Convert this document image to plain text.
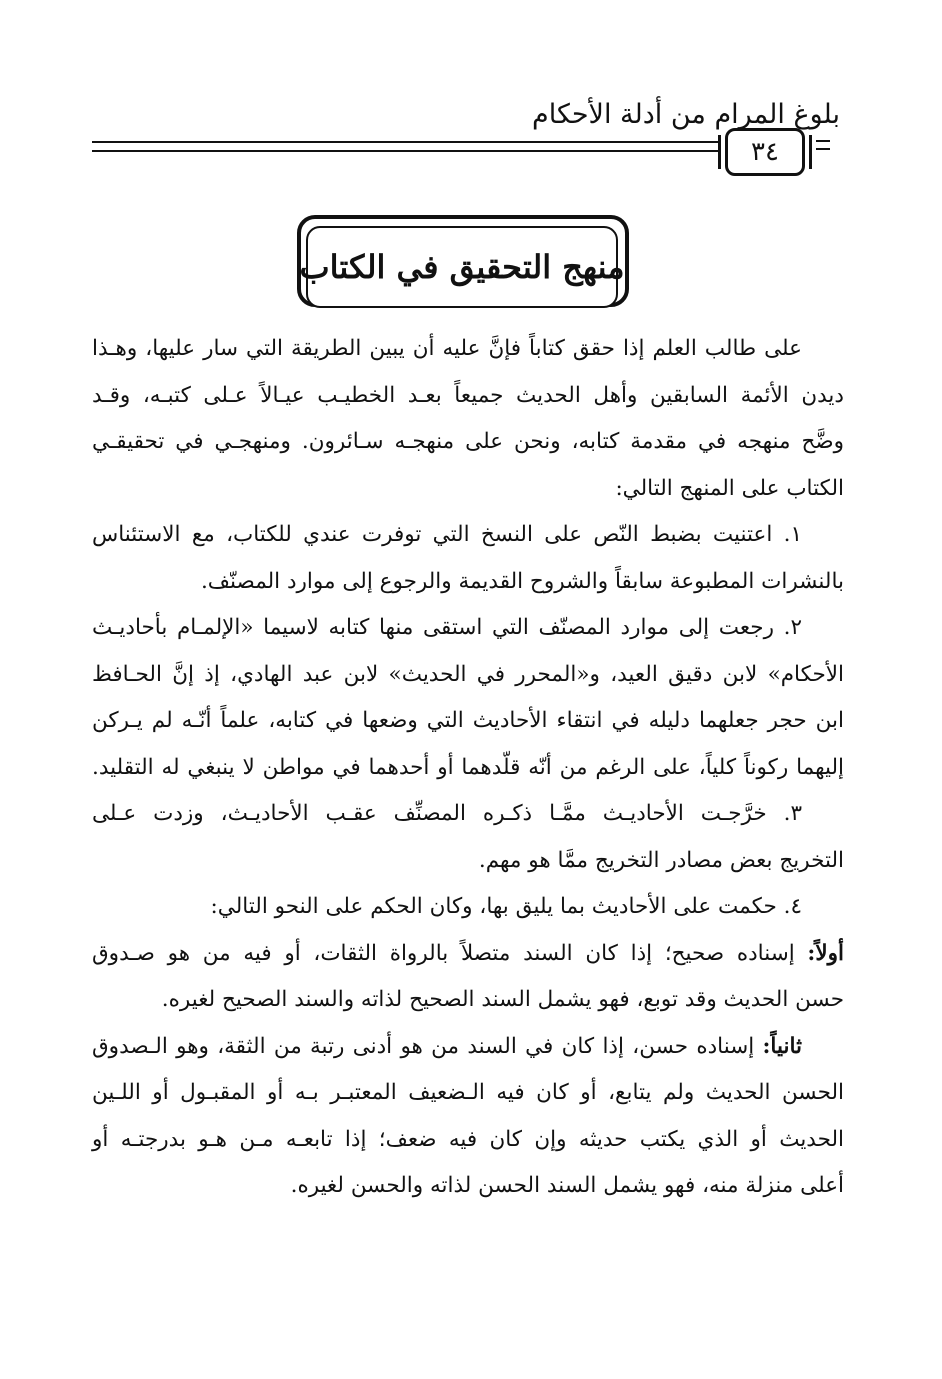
بلوغ المرام من أدلة الأحكام
٣٤
منهج التحقيق في الكتاب
على طالب العلم إذا حقق كتاباً فإنَّ عليه أن يبين الطريقة التي سار عليها، وهـذا
ديدن الأئمة السابقين وأهل الحديث جميعاً بعـد الخطيـب عيـالاً عـلى كتبـه، وقـد
وضَّح منهجه في مقدمة كتابه، ونحن على منهجـه سـائرون. ومنهجـي في تحقيقـي
الكتاب على المنهج التالي:
١. اعتنيت بضبط النّص على النسخ التي توفرت عندي للكتاب، مع الاستئناس
بالنشرات المطبوعة سابقاً والشروح القديمة والرجوع إلى موارد المصنّف.
٢. رجعت إلى موارد المصنّف التي استقى منها كتابه لاسيما «الإلمـام بأحاديـث
الأحكام» لابن دقيق العيد، و«المحرر في الحديث» لابن عبد الهادي، إذ إنَّ الحـافظ
ابن حجر جعلهما دليله في انتقاء الأحاديث التي وضعها في كتابه، علماً أنّـه لم يـركن
إليهما ركوناً كلياً، على الرغم من أنّه قلّدهما أو أحدهما في مواطن لا ينبغي له التقليد.
٣. خرَّجـت الأحاديـث ممَّـا ذكـره المصنِّف عقـب الأحاديـث، وزدت عـلى
التخريج بعض مصادر التخريج ممَّا هو مهم.
٤. حكمت على الأحاديث بما يليق بها، وكان الحكم على النحو التالي:
أولاً: إسناده صحيح؛ إذا كان السند متصلاً بالرواة الثقات، أو فيه من هو صـدوق
حسن الحديث وقد توبع، فهو يشمل السند الصحيح لذاته والسند الصحيح لغيره.
ثانياً: إسناده حسن، إذا كان في السند من هو أدنى رتبة من الثقة، وهو الـصدوق
الحسن الحديث ولم يتابع، أو كان فيه الـضعيف المعتبـر بـه أو المقبـول أو اللـين
الحديث أو الذي يكتب حديثه وإن كان فيه ضعف؛ إذا تابعـه مـن هـو بدرجتـه أو
أعلى منزلة منه، فهو يشمل السند الحسن لذاته والحسن لغيره.
